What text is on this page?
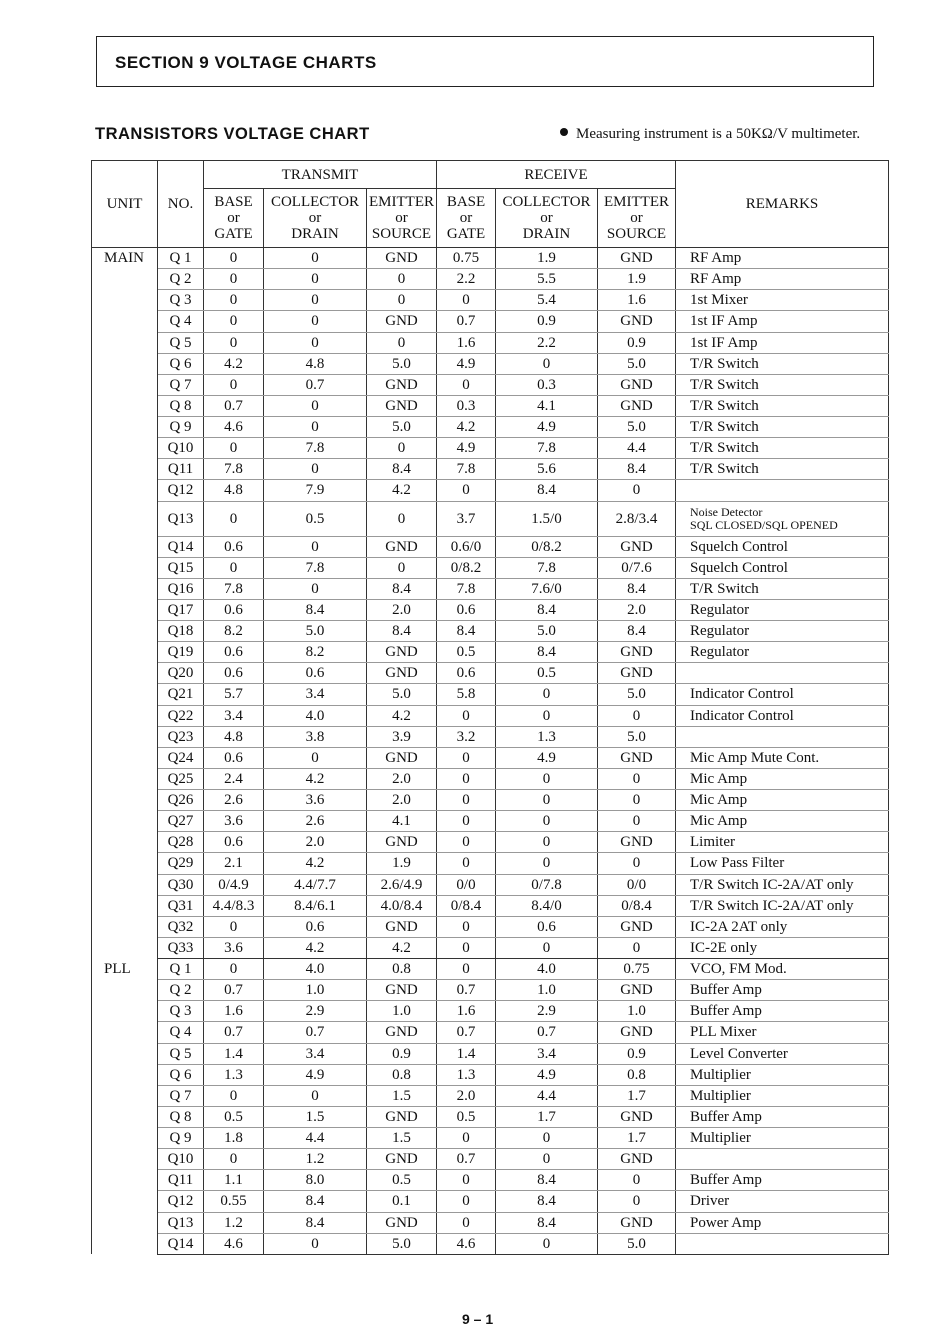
SECTION 9 VOLTAGE CHARTS
TRANSISTORS VOLTAGE CHART	Measuring instrument is a 50KΩ/V multimeter.
UNIT	NO.	TRANSMIT			RECEIVE			REMARKS

		BASE
or
GATE	COLLECTOR
or
DRAIN	EMITTER
or
SOURCE	BASE
or
GATE	COLLECTOR
or
DRAIN	EMITTER
or
SOURCE	

MAIN	Q 1	0	0	GND	0.75	1.9	GND	RF Amp
	Q 2	0	0	0	2.2	5.5	1.9	RF Amp
	Q 3	0	0	0	0	5.4	1.6	1st Mixer
	Q 4	0	0	GND	0.7	0.9	GND	1st IF Amp
	Q 5	0	0	0	1.6	2.2	0.9	1st IF Amp
	Q 6	4.2	4.8	5.0	4.9	0	5.0	T/R Switch
	Q 7	0	0.7	GND	0	0.3	GND	T/R Switch
	Q 8	0.7	0	GND	0.3	4.1	GND	T/R Switch
	Q 9	4.6	0	5.0	4.2	4.9	5.0	T/R Switch
	Q10	0	7.8	0	4.9	7.8	4.4	T/R Switch
	Q11	7.8	0	8.4	7.8	5.6	8.4	T/R Switch
	Q12	4.8	7.9	4.2	0	8.4	0	
	Q13	0	0.5	0	3.7	1.5/0	2.8/3.4	Noise Detector
SQL CLOSED/SQL OPENED

	Q14	0.6	0	GND	0.6/0	0/8.2	GND	Squelch Control
	Q15	0	7.8	0	0/8.2	7.8	0/7.6	Squelch Control
	Q16	7.8	0	8.4	7.8	7.6/0	8.4	T/R Switch
	Q17	0.6	8.4	2.0	0.6	8.4	2.0	Regulator
	Q18	8.2	5.0	8.4	8.4	5.0	8.4	Regulator
	Q19	0.6	8.2	GND	0.5	8.4	GND	Regulator
	Q20	0.6	0.6	GND	0.6	0.5	GND	
	Q21	5.7	3.4	5.0	5.8	0	5.0	Indicator Control
	Q22	3.4	4.0	4.2	0	0	0	Indicator Control
	Q23	4.8	3.8	3.9	3.2	1.3	5.0	
	Q24	0.6	0	GND	0	4.9	GND	Mic Amp Mute Cont.
	Q25	2.4	4.2	2.0	0	0	0	Mic Amp
	Q26	2.6	3.6	2.0	0	0	0	Mic Amp
	Q27	3.6	2.6	4.1	0	0	0	Mic Amp
	Q28	0.6	2.0	GND	0	0	GND	Limiter
	Q29	2.1	4.2	1.9	0	0	0	Low Pass Filter
	Q30	0/4.9	4.4/7.7	2.6/4.9	0/0	0/7.8	0/0	T/R Switch IC-2A/AT only
	Q31	4.4/8.3	8.4/6.1	4.0/8.4	0/8.4	8.4/0	0/8.4	T/R Switch IC-2A/AT only
	Q32	0	0.6	GND	0	0.6	GND	IC-2A 2AT only
	Q33	3.6	4.2	4.2	0	0	0	IC-2E only
PLL	Q 1	0	4.0	0.8	0	4.0	0.75	VCO, FM Mod.
	Q 2	0.7	1.0	GND	0.7	1.0	GND	Buffer Amp
	Q 3	1.6	2.9	1.0	1.6	2.9	1.0	Buffer Amp
	Q 4	0.7	0.7	GND	0.7	0.7	GND	PLL Mixer
	Q 5	1.4	3.4	0.9	1.4	3.4	0.9	Level Converter
	Q 6	1.3	4.9	0.8	1.3	4.9	0.8	Multiplier
	Q 7	0	0	1.5	2.0	4.4	1.7	Multiplier
	Q 8	0.5	1.5	GND	0.5	1.7	GND	Buffer Amp
	Q 9	1.8	4.4	1.5	0	0	1.7	Multiplier
	Q10	0	1.2	GND	0.7	0	GND	
	Q11	1.1	8.0	0.5	0	8.4	0	Buffer Amp
	Q12	0.55	8.4	0.1	0	8.4	0	Driver
	Q13	1.2	8.4	GND	0	8.4	GND	Power Amp
	Q14	4.6	0	5.0	4.6	0	5.0	
9 – 1
